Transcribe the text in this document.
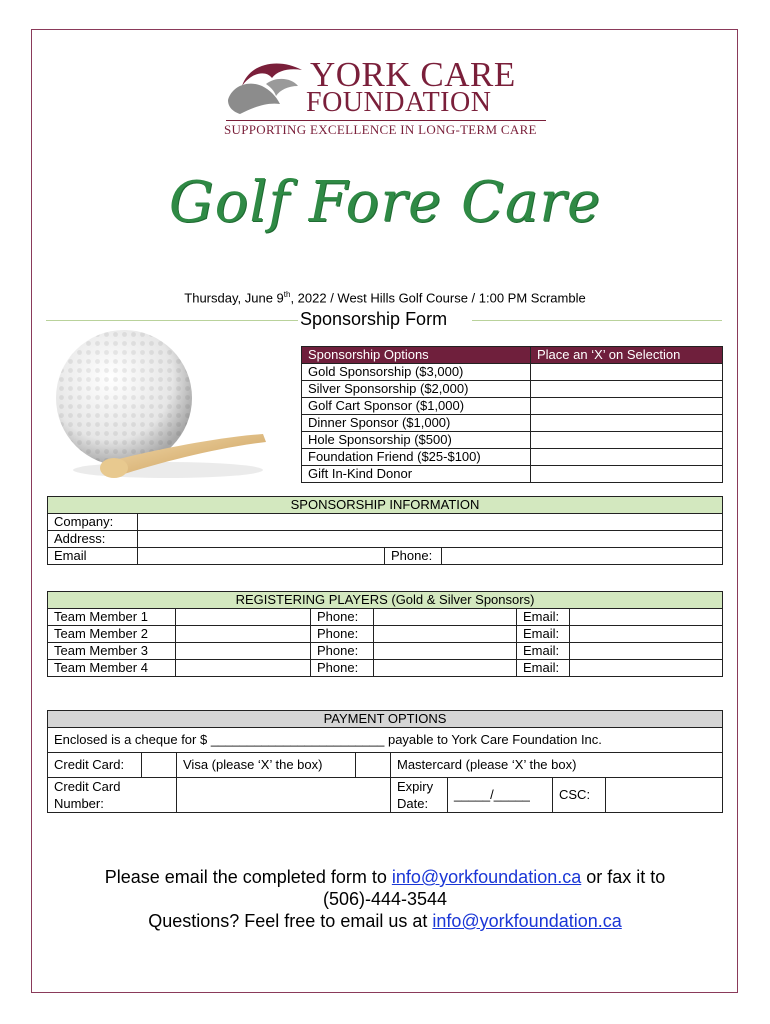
YORK CARE
FOUNDATION
SUPPORTING EXCELLENCE IN LONG-TERM CARE
Golf Fore Care
Thursday, June 9th, 2022 / West Hills Golf Course / 1:00 PM Scramble
Sponsorship Form
Sponsorship Options	Place an ‘X’ on Selection
Gold Sponsorship ($3,000)	
Silver Sponsorship ($2,000)	
Golf Cart Sponsor ($1,000)	
Dinner Sponsor ($1,000)	
Hole Sponsorship ($500)	
Foundation Friend ($25-$100)	
Gift In-Kind Donor	
SPONSORSHIP INFORMATION			
Company:			
Address:			
Email		Phone:	
REGISTERING PLAYERS (Gold & Silver Sponsors)					
Team Member 1		Phone:		Email:	
Team Member 2		Phone:		Email:	
Team Member 3		Phone:		Email:	
Team Member 4		Phone:		Email:	
PAYMENT OPTIONS							
Enclosed is a cheque for $ ________________________ payable to York Care Foundation Inc.							
Credit Card:		Visa (please ‘X’ the box)		Mastercard (please ‘X’ the box)			
Credit Card
Number:				Expiry
Date:	_____/_____	CSC:	
Please email the completed form to info@yorkfoundation.ca or fax it to
(506)-444-3544
Questions? Feel free to email us at info@yorkfoundation.ca
